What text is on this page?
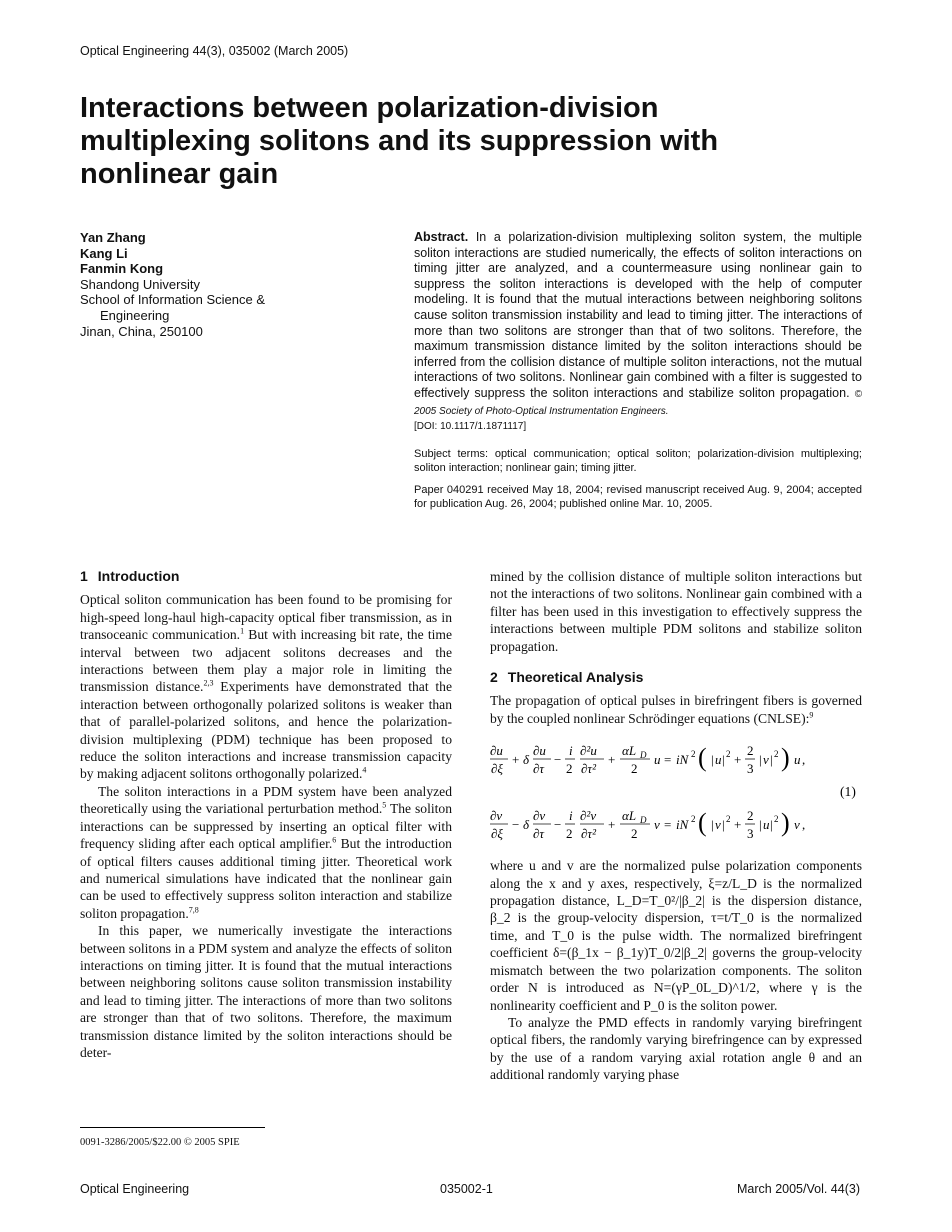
Optical Engineering 44(3), 035002 (March 2005)
Interactions between polarization-division multiplexing solitons and its suppression with nonlinear gain
Yan Zhang
Kang Li
Fanmin Kong
Shandong University
School of Information Science &
Engineering
Jinan, China, 250100
Abstract. In a polarization-division multiplexing soliton system, the multiple soliton interactions are studied numerically, the effects of soliton interactions on timing jitter are analyzed, and a countermeasure using nonlinear gain to suppress the soliton interactions is developed with the help of computer modeling. It is found that the mutual interactions between neighboring solitons cause soliton transmission instability and lead to timing jitter. The interactions of more than two solitons are stronger than that of two solitons. Therefore, the maximum transmission distance limited by the soliton interactions should be inferred from the collision distance of multiple soliton interactions, not the mutual interactions of two solitons. Nonlinear gain combined with a filter is suggested to effectively suppress the soliton interactions and stabilize soliton propagation. © 2005 Society of Photo-Optical Instrumentation Engineers.
[DOI: 10.1117/1.1871117]
Subject terms: optical communication; optical soliton; polarization-division multiplexing; soliton interaction; nonlinear gain; timing jitter.
Paper 040291 received May 18, 2004; revised manuscript received Aug. 9, 2004; accepted for publication Aug. 26, 2004; published online Mar. 10, 2005.
1 Introduction

Optical soliton communication has been found to be promising for high-speed long-haul high-capacity optical fiber transmission, as in transoceanic communication.$^1$ But with increasing bit rate, the time interval between two adjacent solitons decreases and the interactions between them play a major role in limiting the transmission distance.$^{2,3}$ Experiments have demonstrated that the interaction between orthogonally polarized solitons is weaker than that of parallel-polarized solitons, and hence the polarization-division multiplexing (PDM) technique has been proposed to reduce the soliton interactions and increase transmission capacity by making adjacent solitons orthogonally polarized.$^4$

The soliton interactions in a PDM system have been analyzed theoretically using the variational perturbation method.$^5$ The soliton interactions can be suppressed by inserting an optical filter with frequency sliding after each optical amplifier.$^6$ But the introduction of optical filters causes additional timing jitter. Theoretical work and numerical simulations have indicated that the nonlinear gain can be used to effectively suppress soliton interaction and stabilize soliton propagation.$^{7,8}$

In this paper, we numerically investigate the interactions between solitons in a PDM system and analyze the effects of soliton interactions on timing jitter. It is found that the mutual interactions between neighboring solitons cause soliton transmission instability and lead to timing jitter. The interactions of more than two solitons are stronger than that of two solitons. Therefore, the maximum transmission distance limited by the soliton interactions should be deter-

mined by the collision distance of multiple soliton interactions but not the interactions of two solitons. Nonlinear gain combined with a filter has been used in this investigation to effectively suppress the interactions between multiple PDM solitons and stabilize soliton propagation.

2 Theoretical Analysis

The propagation of optical pulses in birefringent fibers is governed by the coupled nonlinear Schrödinger equations (CNLSE):$^9$

∂u
∂ξ
+ δ
∂u
∂τ
−
i
2
∂²u
∂τ²
+
αL D
2
u = iN 2 ( | u | 2 +
2
3
| v | 2 ) u ,
∂v
∂ξ
− δ
∂v
∂τ
−
i
2
∂²v
∂τ²
+
αL D
2
v = iN 2 ( | v | 2 +
2
3
| u | 2 ) v ,
(1)

where u and v are the normalized pulse polarization components along the x and y axes, respectively, ξ=z/L_D is the normalized propagation distance, L_D=T_0²/|β_2| is the dispersion distance, β_2 is the group-velocity dispersion, τ=t/T_0 is the normalized time, and T_0 is the pulse width. The normalized birefringent coefficient δ=(β_1x − β_1y)T_0/2|β_2| governs the group-velocity mismatch between the two polarization components. The soliton order N is introduced as N=(γP_0L_D)^1/2, where γ is the nonlinearity coefficient and P_0 is the soliton power.

To analyze the PMD effects in randomly varying birefringent optical fibers, the randomly varying birefringence can by expressed by the use of a random varying axial rotation angle θ and an additional randomly varying phase

0091-3286/2005/$22.00 © 2005 SPIE
Optical Engineering	035002-1	March 2005/Vol. 44(3)
